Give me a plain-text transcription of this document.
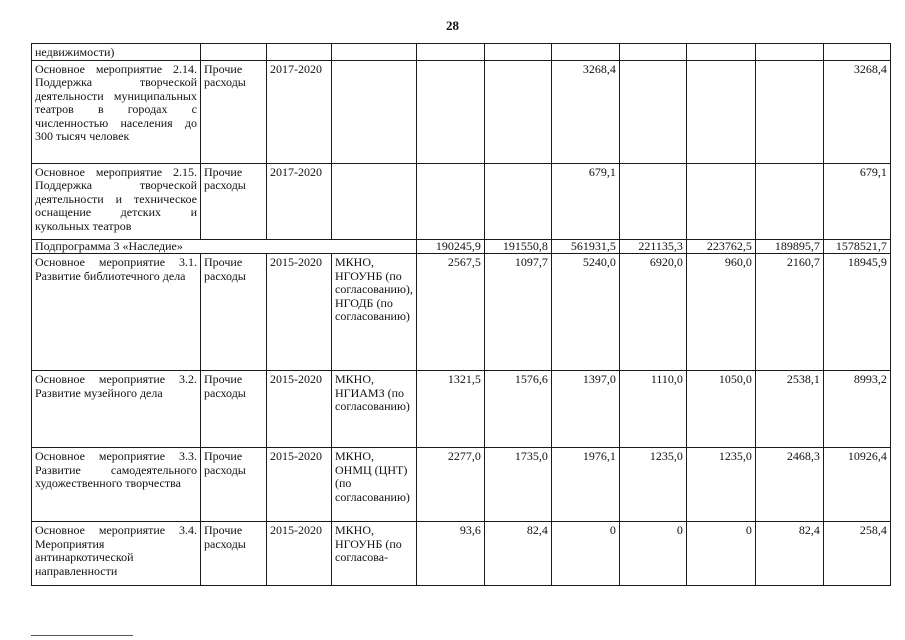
28
недвижимости)										
Основное мероприятие 2.14. Поддержка творческой деятельности муниципальных театров в городах с численностью населения до 300 тысяч человек	Прочие расходы	2017-2020				3268,4				3268,4
Основное мероприятие 2.15. Поддержка творческой деятельности и техническое оснащение детских и кукольных театров	Прочие расходы	2017-2020				679,1				679,1
Подпрограмма 3 «Наследие»				190245,9	191550,8	561931,5	221135,3	223762,5	189895,7	1578521,7
Основное мероприятие 3.1. Развитие библиотечного дела	Прочие расходы	2015-2020	МКНО, НГОУНБ (по согласованию), НГОДБ (по согласованию)	2567,5	1097,7	5240,0	6920,0	960,0	2160,7	18945,9
Основное мероприятие 3.2. Развитие музейного дела	Прочие расходы	2015-2020	МКНО, НГИАМЗ (по согласованию)	1321,5	1576,6	1397,0	1110,0	1050,0	2538,1	8993,2
Основное мероприятие 3.3. Развитие самодеятельного художественного творчества	Прочие расходы	2015-2020	МКНО, ОНМЦ (ЦНТ) (по согласованию)	2277,0	1735,0	1976,1	1235,0	1235,0	2468,3	10926,4
Основное мероприятие 3.4. Мероприятия антинаркотической направленности	Прочие расходы	2015-2020	МКНО, НГОУНБ (по согласова-	93,6	82,4	0	0	0	82,4	258,4
